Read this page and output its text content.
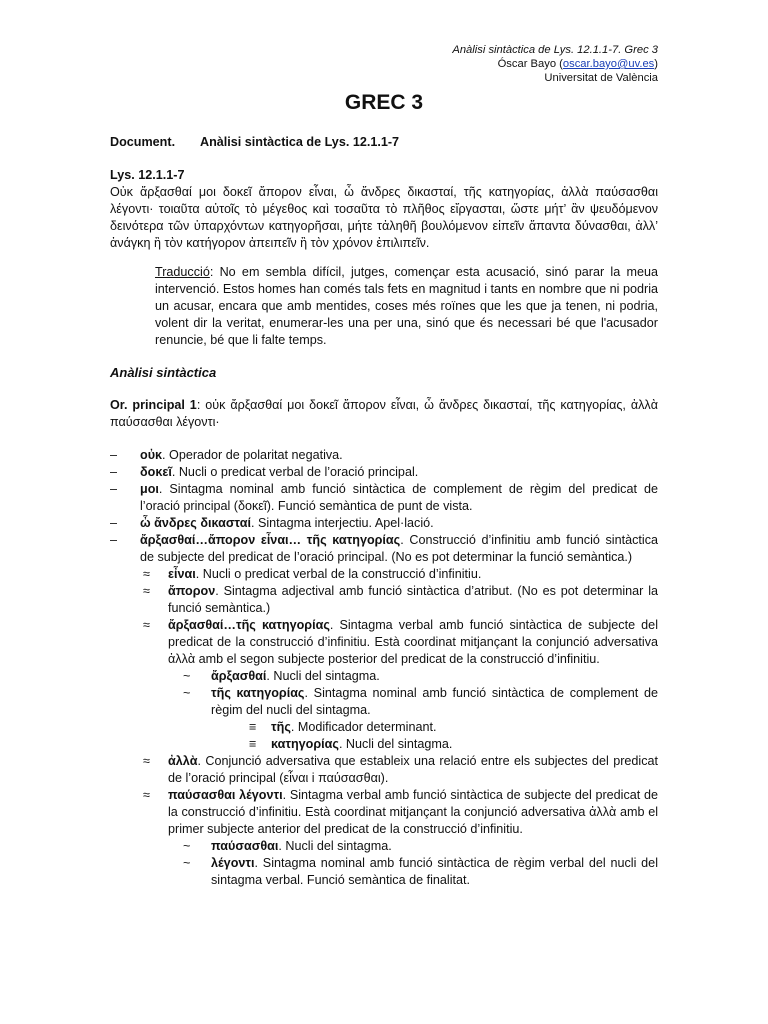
Anàlisi sintàctica de Lys. 12.1.1-7. Grec 3
Óscar Bayo (oscar.bayo@uv.es)
Universitat de València
GREC 3
Document. Anàlisi sintàctica de Lys. 12.1.1-7
Lys. 12.1.1-7
Οὐκ ἄρξασθαί μοι δοκεῖ ἄπορον εἶναι, ὦ ἄνδρες δικασταί, τῆς κατηγορίας, ἀλλὰ παύσασθαι λέγοντι· τοιαῦτα αὐτοῖς τὸ μέγεθος καὶ τοσαῦτα τὸ πλῆθος εἴργασται, ὥστε μήτ’ ἂν ψευδόμενον δεινότερα τῶν ὑπαρχόντων κατηγορῆσαι, μήτε τἀληθῆ βουλόμενον εἰπεῖν ἅπαντα δύνασθαι, ἀλλ’ ἀνάγκη ἢ τὸν κατήγορον ἀπειπεῖν ἢ τὸν χρόνον ἐπιλιπεῖν.
Traducció: No em sembla difícil, jutges, començar esta acusació, sinó parar la meua intervenció. Estos homes han comés tals fets en magnitud i tants en nombre que ni podria un acusar, encara que amb mentides, coses més roïnes que les que ja tenen, ni podria, volent dir la veritat, enumerar-les una per una, sinó que és necessari bé que l'acusador renuncie, bé que li falte temps.
Anàlisi sintàctica
Or. principal 1: οὐκ ἄρξασθαί μοι δοκεῖ ἄπορον εἶναι, ὦ ἄνδρες δικασταί, τῆς κατηγορίας, ἀλλὰ παύσασθαι λέγοντι·
– οὐκ. Operador de polaritat negativa.
– δοκεῖ. Nucli o predicat verbal de l’oració principal.
– μοι. Sintagma nominal amb funció sintàctica de complement de règim del predicat de l’oració principal (δοκεῖ). Funció semàntica de punt de vista.
– ὦ ἄνδρες δικασταί. Sintagma interjectiu. Apel·lació.
– ἄρξασθαί…ἄπορον εἶναι… τῆς κατηγορίας. Construcció d’infinitiu amb funció sintàctica de subjecte del predicat de l’oració principal. (No es pot determinar la funció semàntica.)
≈ εἶναι. Nucli o predicat verbal de la construcció d’infinitiu.
≈ ἄπορον. Sintagma adjectival amb funció sintàctica d’atribut. (No es pot determinar la funció semàntica.)
≈ ἄρξασθαί…τῆς κατηγορίας. Sintagma verbal amb funció sintàctica de subjecte del predicat de la construcció d’infinitiu. Està coordinat mitjançant la conjunció adversativa ἀλλὰ amb el segon subjecte posterior del predicat de la construcció d’infinitiu.
~ ἄρξασθαί. Nucli del sintagma.
~ τῆς κατηγορίας. Sintagma nominal amb funció sintàctica de complement de règim del nucli del sintagma.
≡ τῆς. Modificador determinant.
≡ κατηγορίας. Nucli del sintagma.
≈ ἀλλὰ. Conjunció adversativa que estableix una relació entre els subjectes del predicat de l’oració principal (εἶναι i παύσασθαι).
≈ παύσασθαι λέγοντι. Sintagma verbal amb funció sintàctica de subjecte del predicat de la construcció d’infinitiu. Està coordinat mitjançant la conjunció adversativa ἀλλὰ amb el primer subjecte anterior del predicat de la construcció d’infinitiu.
~ παύσασθαι. Nucli del sintagma.
~ λέγοντι. Sintagma nominal amb funció sintàctica de règim verbal del nucli del sintagma verbal. Funció semàntica de finalitat.
